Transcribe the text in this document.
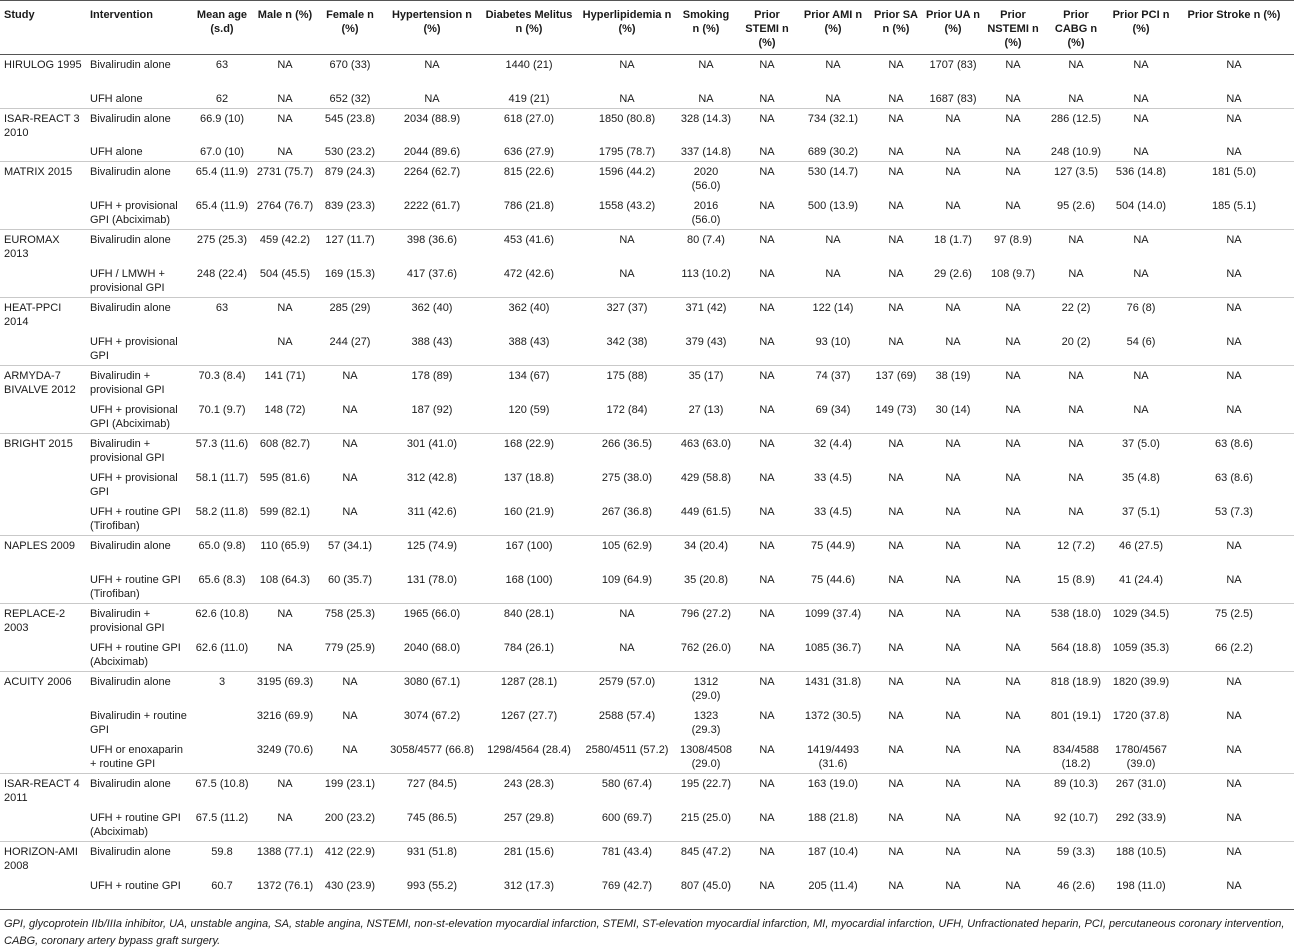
Study	Intervention	Mean age (s.d)	Male n (%)	Female n (%)	Hypertension n (%)	Diabetes Melitus n (%)	Hyperlipidemia n (%)	Smoking n (%)	Prior STEMI n (%)	Prior AMI n (%)	Prior SA n (%)	Prior UA n (%)	Prior NSTEMI n (%)	Prior CABG n (%)	Prior PCI n (%)	Prior Stroke n (%)
HIRULOG 1995	Bivalirudin alone	63	NA	670 (33)	NA	1440 (21)	NA	NA	NA	NA	NA	1707 (83)	NA	NA	NA	NA
	UFH alone	62	NA	652 (32)	NA	419 (21)	NA	NA	NA	NA	NA	1687 (83)	NA	NA	NA	NA
ISAR-REACT 3 2010	Bivalirudin alone	66.9 (10)	NA	545 (23.8)	2034 (88.9)	618 (27.0)	1850 (80.8)	328 (14.3)	NA	734 (32.1)	NA	NA	NA	286 (12.5)	NA	NA
	UFH alone	67.0 (10)	NA	530 (23.2)	2044 (89.6)	636 (27.9)	1795 (78.7)	337 (14.8)	NA	689 (30.2)	NA	NA	NA	248 (10.9)	NA	NA
MATRIX 2015	Bivalirudin alone	65.4 (11.9)	2731 (75.7)	879 (24.3)	2264 (62.7)	815 (22.6)	1596 (44.2)	2020 (56.0)	NA	530 (14.7)	NA	NA	NA	127 (3.5)	536 (14.8)	181 (5.0)
	UFH + provisional GPI (Abciximab)	65.4 (11.9)	2764 (76.7)	839 (23.3)	2222 (61.7)	786 (21.8)	1558 (43.2)	2016 (56.0)	NA	500 (13.9)	NA	NA	NA	95 (2.6)	504 (14.0)	185 (5.1)
EUROMAX 2013	Bivalirudin alone	275 (25.3)	459 (42.2)	127 (11.7)	398 (36.6)	453 (41.6)	NA	80 (7.4)	NA	NA	NA	18 (1.7)	97 (8.9)	NA	NA	NA
	UFH / LMWH + provisional GPI	248 (22.4)	504 (45.5)	169 (15.3)	417 (37.6)	472 (42.6)	NA	113 (10.2)	NA	NA	NA	29 (2.6)	108 (9.7)	NA	NA	NA
HEAT-PPCI 2014	Bivalirudin alone	63	NA	285 (29)	362 (40)	362 (40)	327 (37)	371 (42)	NA	122 (14)	NA	NA	NA	22 (2)	76 (8)	NA
	UFH + provisional GPI		NA	244 (27)	388 (43)	388 (43)	342 (38)	379 (43)	NA	93 (10)	NA	NA	NA	20 (2)	54 (6)	NA
ARMYDA-7 BIVALVE 2012	Bivalirudin + provisional GPI	70.3 (8.4)	141 (71)	NA	178 (89)	134 (67)	175 (88)	35 (17)	NA	74 (37)	137 (69)	38 (19)	NA	NA	NA	NA
	UFH + provisional GPI (Abciximab)	70.1 (9.7)	148 (72)	NA	187 (92)	120 (59)	172 (84)	27 (13)	NA	69 (34)	149 (73)	30 (14)	NA	NA	NA	NA
BRIGHT 2015	Bivalirudin + provisional GPI	57.3 (11.6)	608 (82.7)	NA	301 (41.0)	168 (22.9)	266 (36.5)	463 (63.0)	NA	32 (4.4)	NA	NA	NA	NA	37 (5.0)	63 (8.6)
	UFH + provisional GPI	58.1 (11.7)	595 (81.6)	NA	312 (42.8)	137 (18.8)	275 (38.0)	429 (58.8)	NA	33 (4.5)	NA	NA	NA	NA	35 (4.8)	63 (8.6)
	UFH + routine GPI (Tirofiban)	58.2 (11.8)	599 (82.1)	NA	311 (42.6)	160 (21.9)	267 (36.8)	449 (61.5)	NA	33 (4.5)	NA	NA	NA	NA	37 (5.1)	53 (7.3)
NAPLES 2009	Bivalirudin alone	65.0 (9.8)	110 (65.9)	57 (34.1)	125 (74.9)	167 (100)	105 (62.9)	34 (20.4)	NA	75 (44.9)	NA	NA	NA	12 (7.2)	46 (27.5)	NA
	UFH + routine GPI (Tirofiban)	65.6 (8.3)	108 (64.3)	60 (35.7)	131 (78.0)	168 (100)	109 (64.9)	35 (20.8)	NA	75 (44.6)	NA	NA	NA	15 (8.9)	41 (24.4)	NA
REPLACE-2 2003	Bivalirudin + provisional GPI	62.6 (10.8)	NA	758 (25.3)	1965 (66.0)	840 (28.1)	NA	796 (27.2)	NA	1099 (37.4)	NA	NA	NA	538 (18.0)	1029 (34.5)	75 (2.5)
	UFH + routine GPI (Abciximab)	62.6 (11.0)	NA	779 (25.9)	2040 (68.0)	784 (26.1)	NA	762 (26.0)	NA	1085 (36.7)	NA	NA	NA	564 (18.8)	1059 (35.3)	66 (2.2)
ACUITY 2006	Bivalirudin alone	3	3195 (69.3)	NA	3080 (67.1)	1287 (28.1)	2579 (57.0)	1312 (29.0)	NA	1431 (31.8)	NA	NA	NA	818 (18.9)	1820 (39.9)	NA
	Bivalirudin + routine GPI		3216 (69.9)	NA	3074 (67.2)	1267 (27.7)	2588 (57.4)	1323 (29.3)	NA	1372 (30.5)	NA	NA	NA	801 (19.1)	1720 (37.8)	NA
	UFH or enoxaparin + routine GPI		3249 (70.6)	NA	3058/4577 (66.8)	1298/4564 (28.4)	2580/4511 (57.2)	1308/4508 (29.0)	NA	1419/4493 (31.6)	NA	NA	NA	834/4588 (18.2)	1780/4567 (39.0)	NA
ISAR-REACT 4 2011	Bivalirudin alone	67.5 (10.8)	NA	199 (23.1)	727 (84.5)	243 (28.3)	580 (67.4)	195 (22.7)	NA	163 (19.0)	NA	NA	NA	89 (10.3)	267 (31.0)	NA
	UFH + routine GPI (Abciximab)	67.5 (11.2)	NA	200 (23.2)	745 (86.5)	257 (29.8)	600 (69.7)	215 (25.0)	NA	188 (21.8)	NA	NA	NA	92 (10.7)	292 (33.9)	NA
HORIZON-AMI 2008	Bivalirudin alone	59.8	1388 (77.1)	412 (22.9)	931 (51.8)	281 (15.6)	781 (43.4)	845 (47.2)	NA	187 (10.4)	NA	NA	NA	59 (3.3)	188 (10.5)	NA
	UFH + routine GPI	60.7	1372 (76.1)	430 (23.9)	993 (55.2)	312 (17.3)	769 (42.7)	807 (45.0)	NA	205 (11.4)	NA	NA	NA	46 (2.6)	198 (11.0)	NA
GPI, glycoprotein IIb/IIIa inhibitor, UA, unstable angina, SA, stable angina, NSTEMI, non-st-elevation myocardial infarction, STEMI, ST-elevation myocardial infarction, MI, myocardial infarction, UFH, Unfractionated heparin, PCI, percutaneous coronary intervention, CABG, coronary artery bypass graft surgery.
